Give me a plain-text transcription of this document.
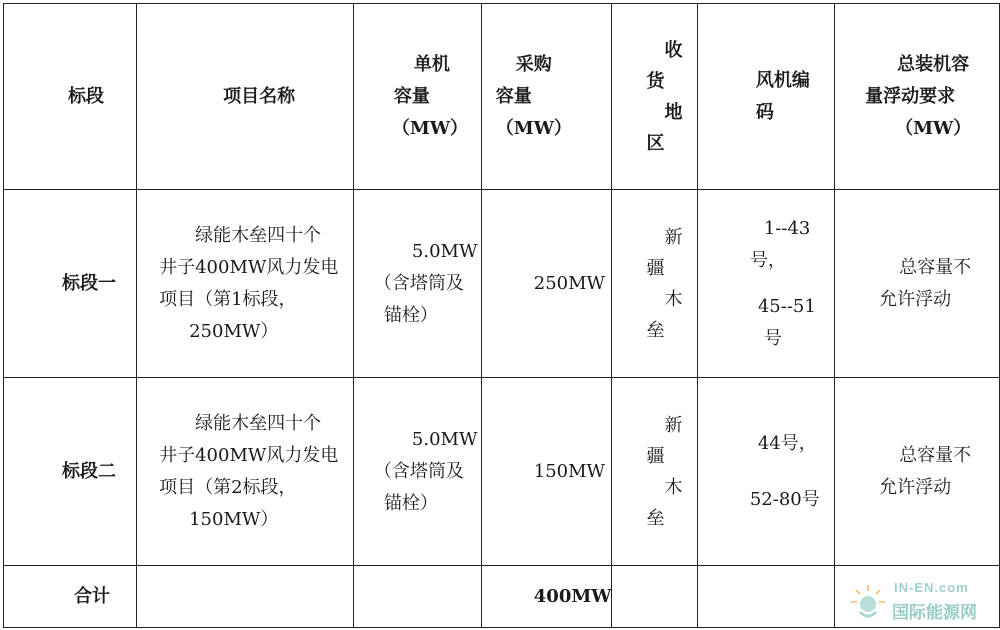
标段	项目名称	单机
容量
（MW）	采购
容量
（MW）	收
货
地
区	风机编
码	总装机容
量浮动要求
（MW）

标段一	绿能木垒四十个
井子400MW风力发电
项目（第1标段，
250MW）	5.0MW
（含塔筒及
锚栓）	250MW	新
疆
木
垒	1--43
号，
45--51
号	总容量不
允许浮动

标段二	绿能木垒四十个
井子400MW风力发电
项目（第2标段，
150MW）	5.0MW
（含塔筒及
锚栓）	150MW	新
疆
木
垒	44号，
52-80号	总容量不
允许浮动

合计			400MW				IN-EN.com
国际能源网
